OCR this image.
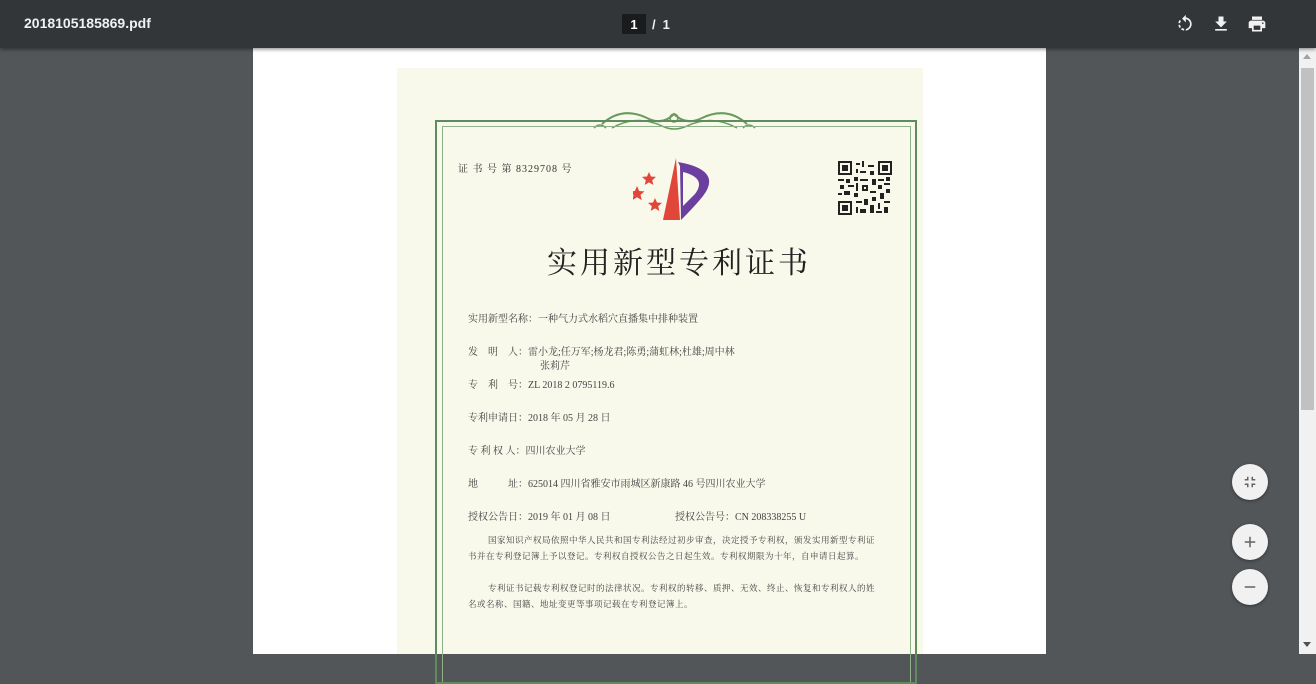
2018105185869.pdf
1	/ 1
证 书 号 第 8329708 号
实用新型专利证书
实用新型名称：一种气力式水稻穴直播集中排种装置
发　明　人：雷小龙;任万军;杨龙君;陈勇;蒲虹林;杜雄;周中林
张莉芹
专　利　号：ZL 2018 2 0795119.6
专利申请日：2018 年 05 月 28 日
专 利 权 人：四川农业大学
地　　　址：625014 四川省雅安市雨城区新康路 46 号四川农业大学
授权公告日：2019 年 01 月 08 日	授权公告号：CN 208338255 U
国家知识产权局依照中华人民共和国专利法经过初步审查，决定授予专利权，颁发实用新型专利证书并在专利登记簿上予以登记。专利权自授权公告之日起生效。专利权期限为十年，自申请日起算。
专利证书记载专利权登记时的法律状况。专利权的转移、质押、无效、终止、恢复和专利权人的姓名或名称、国籍、地址变更等事项记载在专利登记簿上。
